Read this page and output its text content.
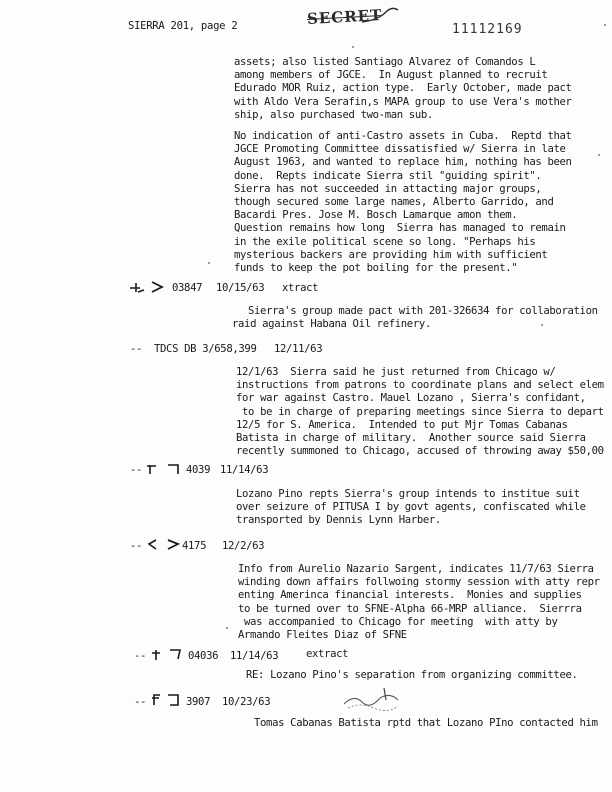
SIERRA 201, page 2	SECRET
11112169
assets; also listed Santiago Alvarez of Comandos L
among members of JGCE.  In August planned to recruit
Edurado MOR Ruiz, action type.  Early October, made pact
with Aldo Vera Serafin,s MAPA group to use Vera's mother
ship, also purchased two-man sub.
No indication of anti-Castro assets in Cuba.  Reptd that
JGCE Promoting Committee dissatisfied w/ Sierra in late
August 1963, and wanted to replace him, nothing has been
done.  Repts indicate Sierra stil "guiding spirit".
Sierra has not succeeded in attacting major groups,
though secured some large names, Alberto Garrido, and
Bacardi Pres. Jose M. Bosch Lamarque amon them.
Question remains how long  Sierra has managed to remain
in the exile political scene so long. "Perhaps his
mysterious backers are providing him with sufficient
funds to keep the pot boiling for the present."
03847 10/15/63 xtract
Sierra's group made pact with 201-326634 for collaboration
raid against Habana Oil refinery.
-- TDCS DB 3/658,399 12/11/63
12/1/63  Sierra said he just returned from Chicago w/
instructions from patrons to coordinate plans and select elem
for war against Castro. Mauel Lozano , Sierra's confidant,
to be in charge of preparing meetings since Sierra to depart
12/5 for S. America.  Intended to put Mjr Tomas Cabanas
Batista in charge of military.  Another source said Sierra
recently summoned to Chicago, accused of throwing away $50,00
--	4039 11/14/63
Lozano Pino repts Sierra's group intends to institue suit
over seizure of PITUSA I by govt agents, confiscated while
transported by Dennis Lynn Harber.
--	4175 12/2/63
Info from Aurelio Nazario Sargent, indicates 11/7/63 Sierra
winding down affairs follwoing stormy session with atty repr
enting Amerinca financial interests.  Monies and supplies
to be turned over to SFNE-Alpha 66-MRP alliance.  Sierrra
was accompanied to Chicago for meeting  with atty by
Armando Fleites Diaz of SFNE
--	04036 11/14/63	extract
RE: Lozano Pino's separation from organizing committee.
--	3907 10/23/63
Tomas Cabanas Batista rptd that Lozano PIno contacted him
